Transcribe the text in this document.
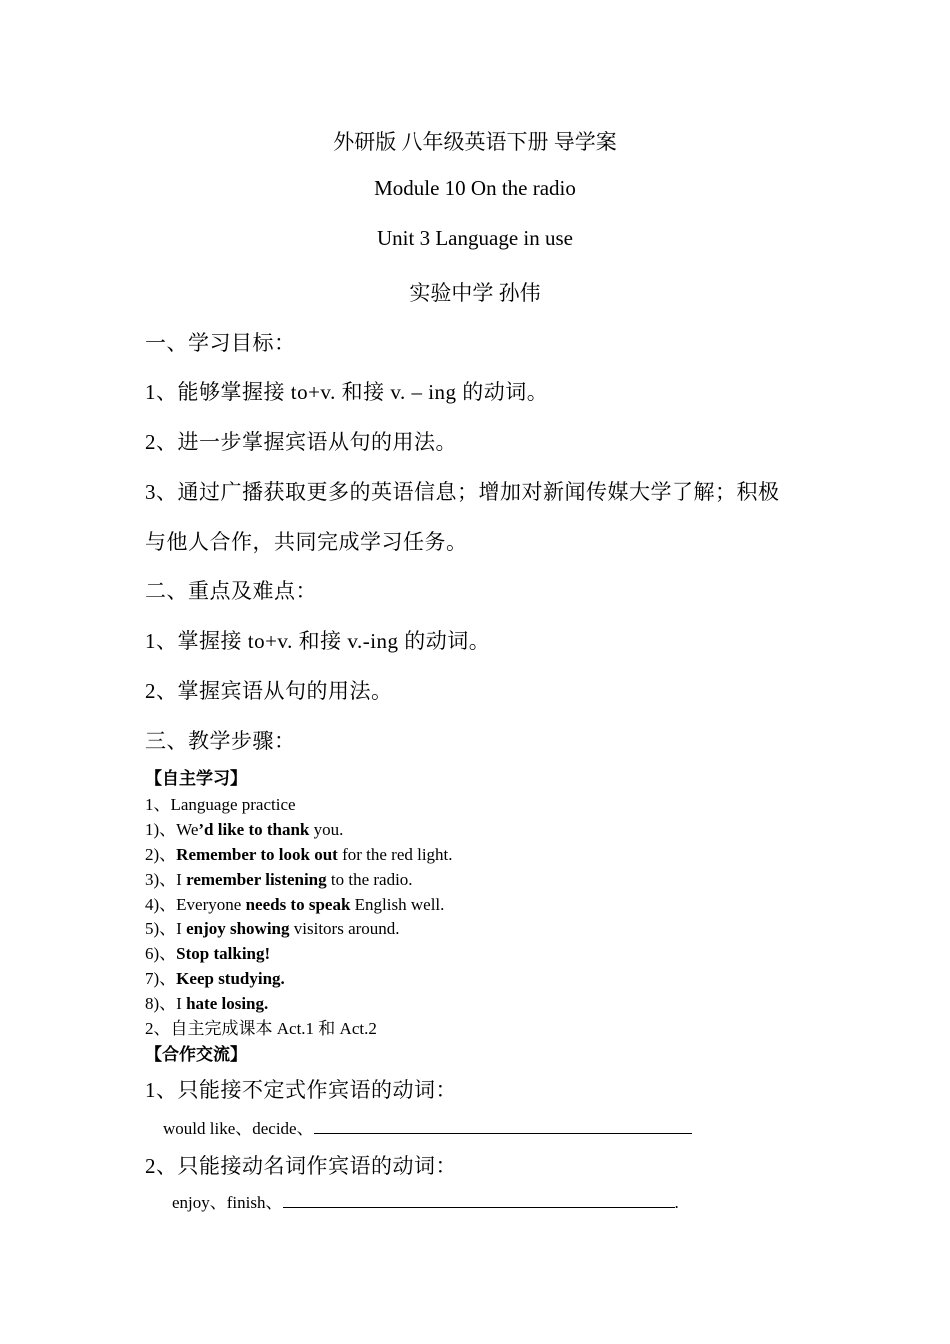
外研版 八年级英语下册 导学案
Module 10 On the radio
Unit 3 Language in use
实验中学 孙伟
一、学习目标：
1、能够掌握接 to+v. 和接 v. – ing 的动词。
2、进一步掌握宾语从句的用法。
3、通过广播获取更多的英语信息；增加对新闻传媒大学了解；积极
与他人合作，共同完成学习任务。
二、重点及难点：
1、掌握接 to+v. 和接 v.-ing 的动词。
2、掌握宾语从句的用法。
三、教学步骤：
【自主学习】
1、Language practice
1)、We’d like to thank you.
2)、Remember to look out for the red light.
3)、I remember listening to the radio.
4)、Everyone needs to speak English well.
5)、I enjoy showing visitors around.
6)、Stop talking!
7)、Keep studying.
8)、I hate losing.
2、自主完成课本 Act.1 和 Act.2
【合作交流】
1、只能接不定式作宾语的动词：
would like、decide、
2、只能接动名词作宾语的动词：
enjoy、finish、	.
